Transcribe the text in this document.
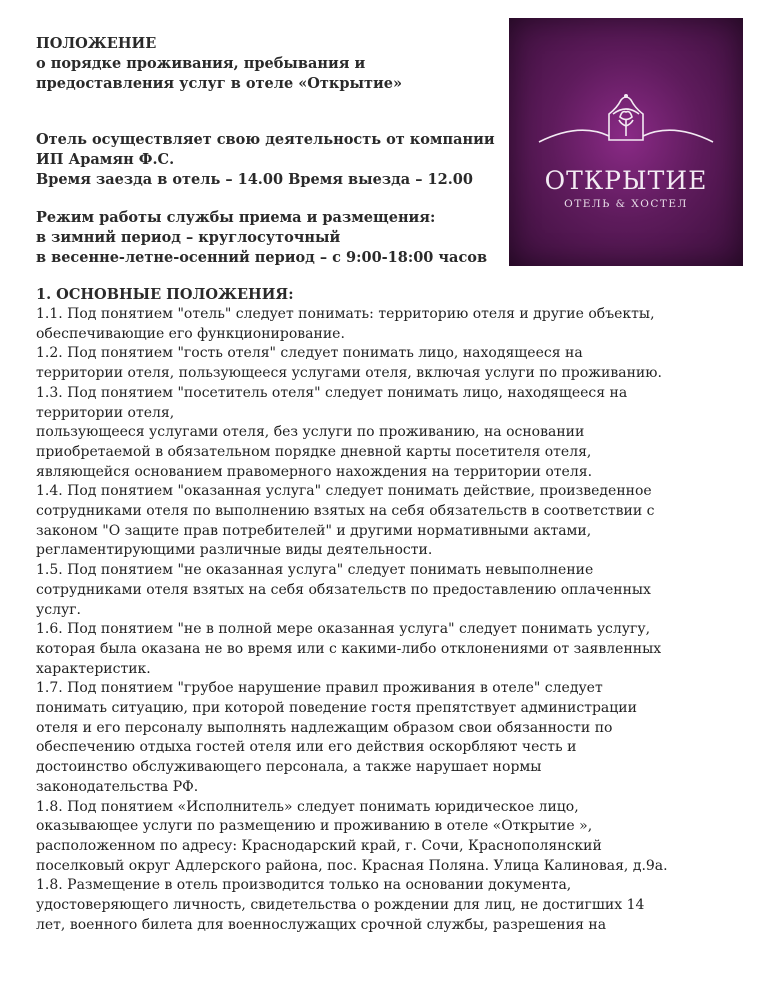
ПОЛОЖЕНИЕ
о порядке проживания, пребывания и
предоставления услуг в отеле «Открытие»
Отель осуществляет свою деятельность от компании
ИП Арамян Ф.С.
Время заезда в отель – 14.00 Время выезда – 12.00
Режим работы службы приема и размещения:
в зимний период – круглосуточный
в весенне-летне-осенний период – с 9:00-18:00 часов
ОТКРЫТИЕ
ОТЕЛЬ & ХОСТЕЛ
1. ОСНОВНЫЕ ПОЛОЖЕНИЯ:
1.1. Под понятием "отель" следует понимать: территорию отеля и другие объекты,
обеспечивающие его функционирование.
1.2. Под понятием "гость отеля" следует понимать лицо, находящееся на
территории отеля, пользующееся услугами отеля, включая услуги по проживанию.
1.3. Под понятием "посетитель отеля" следует понимать лицо, находящееся на
территории отеля,
пользующееся услугами отеля, без услуги по проживанию, на основании
приобретаемой в обязательном порядке дневной карты посетителя отеля,
являющейся основанием правомерного нахождения на территории отеля.
1.4. Под понятием "оказанная услуга" следует понимать действие, произведенное
сотрудниками отеля по выполнению взятых на себя обязательств в соответствии с
законом "О защите прав потребителей" и другими нормативными актами,
регламентирующими различные виды деятельности.
1.5. Под понятием "не оказанная услуга" следует понимать невыполнение
сотрудниками отеля взятых на себя обязательств по предоставлению оплаченных
услуг.
1.6. Под понятием "не в полной мере оказанная услуга" следует понимать услугу,
которая была оказана не во время или с какими-либо отклонениями от заявленных
характеристик.
1.7. Под понятием "грубое нарушение правил проживания в отеле" следует
понимать ситуацию, при которой поведение гостя препятствует администрации
отеля и его персоналу выполнять надлежащим образом свои обязанности по
обеспечению отдыха гостей отеля или его действия оскорбляют честь и
достоинство обслуживающего персонала, а также нарушает нормы
законодательства РФ.
1.8. Под понятием «Исполнитель» следует понимать юридическое лицо,
оказывающее услуги по размещению и проживанию в отеле «Открытие »,
расположенном по адресу: Краснодарский край, г. Сочи, Краснополянский
поселковый округ Адлерского района, пос. Красная Поляна. Улица Калиновая, д.9а.
1.8. Размещение в отель производится только на основании документа,
удостоверяющего личность, свидетельства о рождении для лиц, не достигших 14
лет, военного билета для военнослужащих срочной службы, разрешения на
